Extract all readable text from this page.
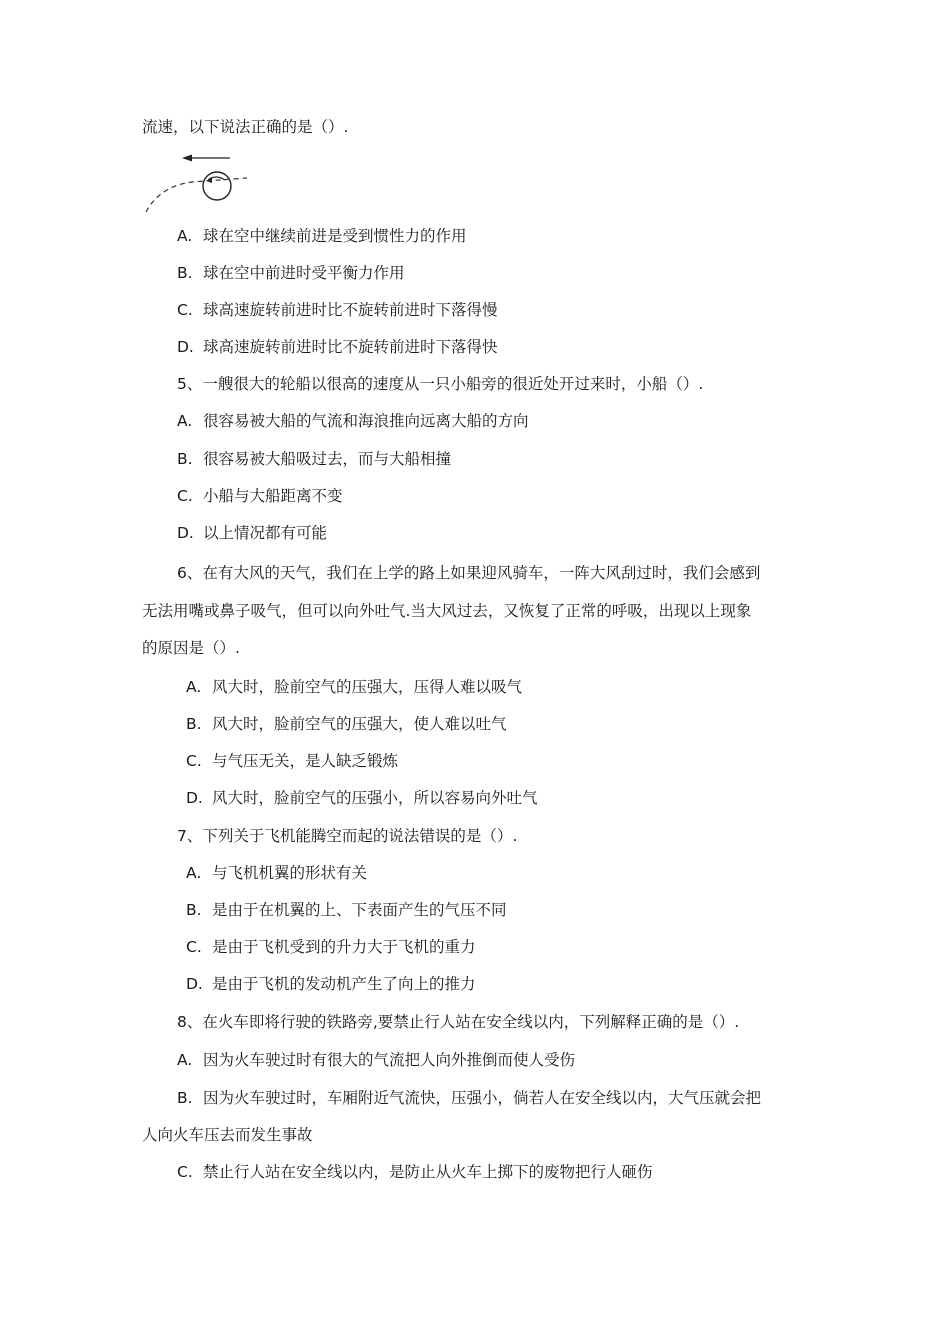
流速，以下说法正确的是（）.
A. 球在空中继续前进是受到惯性力的作用
B. 球在空中前进时受平衡力作用
C. 球高速旋转前进时比不旋转前进时下落得慢
D. 球高速旋转前进时比不旋转前进时下落得快
5、一艘很大的轮船以很高的速度从一只小船旁的很近处开过来时，小船（）.
A. 很容易被大船的气流和海浪推向远离大船的方向
B. 很容易被大船吸过去，而与大船相撞
C. 小船与大船距离不变
D. 以上情况都有可能
6、在有大风的天气，我们在上学的路上如果迎风骑车，一阵大风刮过时，我们会感到
无法用嘴或鼻子吸气，但可以向外吐气.当大风过去，又恢复了正常的呼吸，出现以上现象
的原因是（）.
A. 风大时，脸前空气的压强大，压得人难以吸气
B. 风大时，脸前空气的压强大，使人难以吐气
C. 与气压无关，是人缺乏锻炼
D. 风大时，脸前空气的压强小，所以容易向外吐气
7、下列关于飞机能腾空而起的说法错误的是（）.
A. 与飞机机翼的形状有关
B. 是由于在机翼的上、下表面产生的气压不同
C. 是由于飞机受到的升力大于飞机的重力
D. 是由于飞机的发动机产生了向上的推力
8、在火车即将行驶的铁路旁,要禁止行人站在安全线以内，下列解释正确的是（）.
A. 因为火车驶过时有很大的气流把人向外推倒而使人受伤
B. 因为火车驶过时，车厢附近气流快，压强小，倘若人在安全线以内，大气压就会把
人向火车压去而发生事故
C. 禁止行人站在安全线以内，是防止从火车上掷下的废物把行人砸伤
